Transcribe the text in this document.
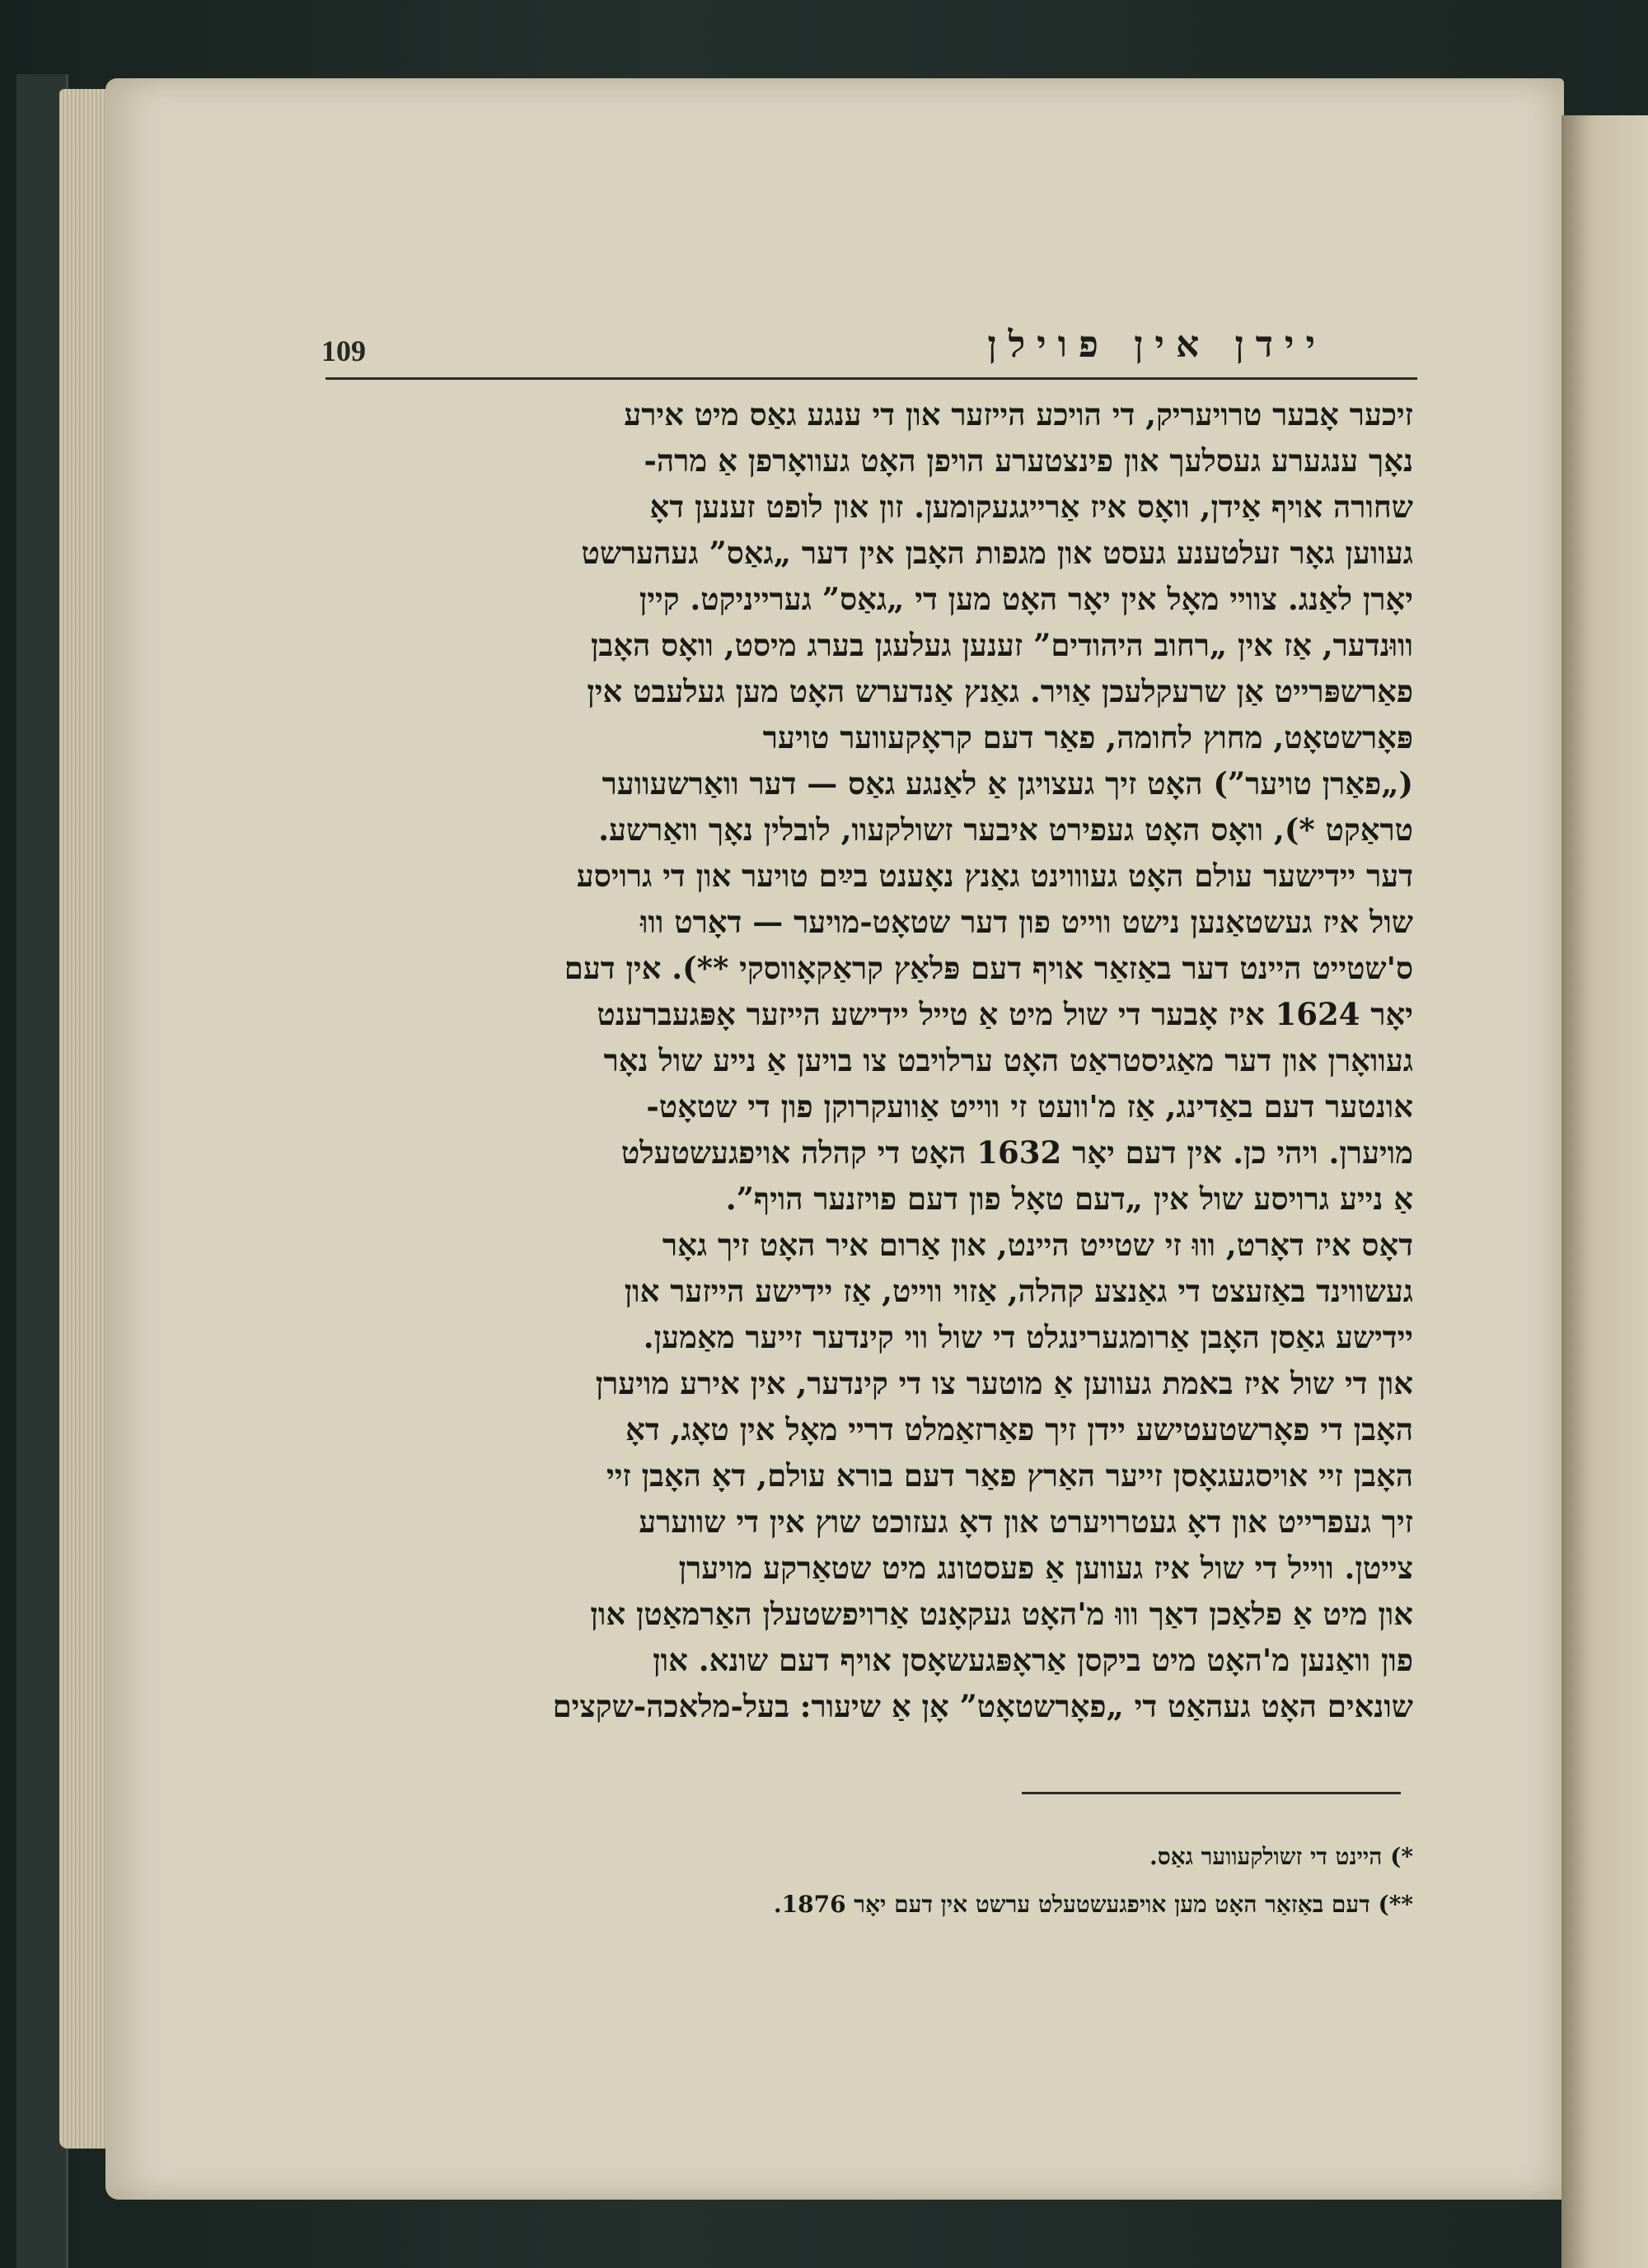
109	יידן אין פוילן
זיכער אָבער טרויעריק, די הויכע הייזער און די ענגע גאַס מיט אירע
נאָך ענגערע געסלעך און פינצטערע הויפן האָט געוואָרפן אַ מרה-
שחורה אויף אַידן, וואָס איז אַרייגגעקומען. זון און לופט זענען דאָ
געווען גאָר זעלטענע געסט און מגפות האָבן אין דער „גאַס” געהערשט
יאָרן לאַנג. צוויי מאָל אין יאָר האָט מען די „גאַס” גערייניקט. קיין
וווּנדער, אַז אין „רחוב היהודים” זענען געלעגן בערג מיסט, וואָס האָבן
פאַרשפּרייט אַן שרעקלעכן אַויר. גאַנץ אַנדערש האָט מען געלעבט אין
פּאָרשטאָט, מחוץ לחומה, פאַר דעם קראָקעווער טויער
(„פאַרן טויער”) האָט זיך געצויגן אַ לאַנגע גאַס — דער וואַרשעווער
טראַקט *), וואָס האָט געפירט איבער זשולקעוו, לובלין נאָך וואַרשע.
דער יידישער עולם האָט געוווינט גאַנץ נאָענט בײַם טויער און די גרויסע
שול איז געשטאַנען נישט ווייט פון דער שטאָט-מויער — דאָרט וווּ
ס'שטייט היינט דער באַזאַר אויף דעם פּלאַץ קראַקאָווסקי **). אין דעם
יאָר 1624 איז אָבער די שול מיט אַ טייל יידישע הייזער אָפּגעברענט
געוואָרן און דער מאַגיסטראַט האָט ערלויבט צו בויען אַ נייע שול נאָר
אונטער דעם באַדינג, אַז מ'וועט זי ווייט אַוועקרוקן פון די שטאָט-
מויערן. ויהי כן. אין דעם יאָר 1632 האָט די קהלה אויפגעשטעלט
אַ נייע גרויסע שול אין „דעם טאָל פון דעם פויזנער הויף”.
דאָס איז דאָרט, וווּ זי שטייט היינט, און אַרום איר האָט זיך גאָר
געשווינד באַזעצט די גאַנצע קהלה, אַזוי ווייט, אַז יידישע הייזער און
יידישע גאַסן האָבן אַרומגערינגלט די שול ווי קינדער זייער מאַמען.
און די שול איז באמת געווען אַ מוטער צו די קינדער, אין אירע מויערן
האָבן די פאָרשטעטישע יידן זיך פאַרזאַמלט דריי מאָל אין טאָג, דאָ
האָבן זיי אויסגעגאָסן זייער האַרץ פאַר דעם בורא עולם, דאָ האָבן זיי
זיך געפרייט און דאָ געטרויערט און דאָ געזוכט שוץ אין די שווערע
צייטן. ווייל די שול איז געווען אַ פעסטונג מיט שטאַרקע מויערן
און מיט אַ פלאַכן דאַך וווּ מ'האָט געקאָנט אַרויפשטעלן האַרמאַטן און
פון וואַנען מ'האָט מיט ביקסן אַראָפּגעשאָסן אויף דעם שונא. און
שונאים האָט געהאַט די „פאָרשטאָט” אָן אַ שיעור: בעל-מלאכה-שקצים
*) היינט די זשולקעווער גאַס.
**) דעם באַזאַר האָט מען אויפגעשטעלט ערשט אין דעם יאָר 1876.
